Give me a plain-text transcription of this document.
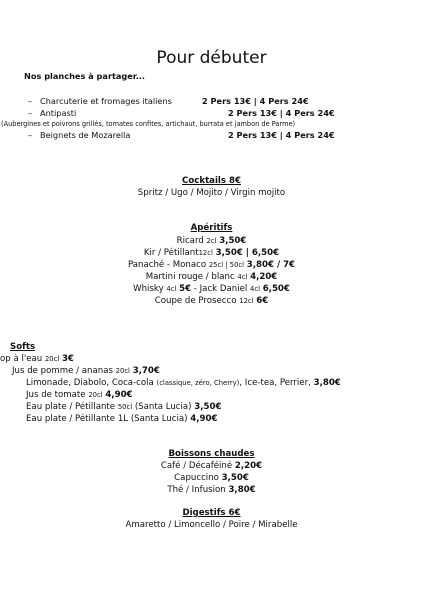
Pour débuter
Nos planches à partager...
– Charcuterie et fromages italiens	2 Pers 13€ | 4 Pers 24€
– Antipasti	2 Pers 13€ | 4 Pers 24€
(Aubergines et poivrons grillés, tomates confites, artichaut, burrata et jambon de Parme)
– Beignets de Mozarella	2 Pers 13€ | 4 Pers 24€
Cocktails 8€
Spritz / Ugo / Mojito / Virgin mojito
Apéritifs
Ricard 2cl 3,50€
Kir / Pétillant12cl 3,50€ | 6,50€
Panaché - Monaco 25cl | 50cl 3,80€ / 7€
Martini rouge / blanc 4cl 4,20€
Whisky 4cl 5€ - Jack Daniel 4cl 6,50€
Coupe de Prosecco 12cl 6€
Softs
op à l'eau 20cl 3€
Jus de pomme / ananas 20cl 3,70€
Limonade, Diabolo, Coca-cola (classique, zéro, Cherry), Ice-tea, Perrier, 3,80€
Jus de tomate 20cl 4,90€
Eau plate / Pétillante 50cl (Santa Lucia) 3,50€
Eau plate / Pétillante 1L (Santa Lucia) 4,90€
Boissons chaudes
Café / Décaféiné 2,20€
Capuccino 3,50€
Thé / Infusion 3,80€
Digestifs 6€
Amaretto / Limoncello / Poire / Mirabelle
